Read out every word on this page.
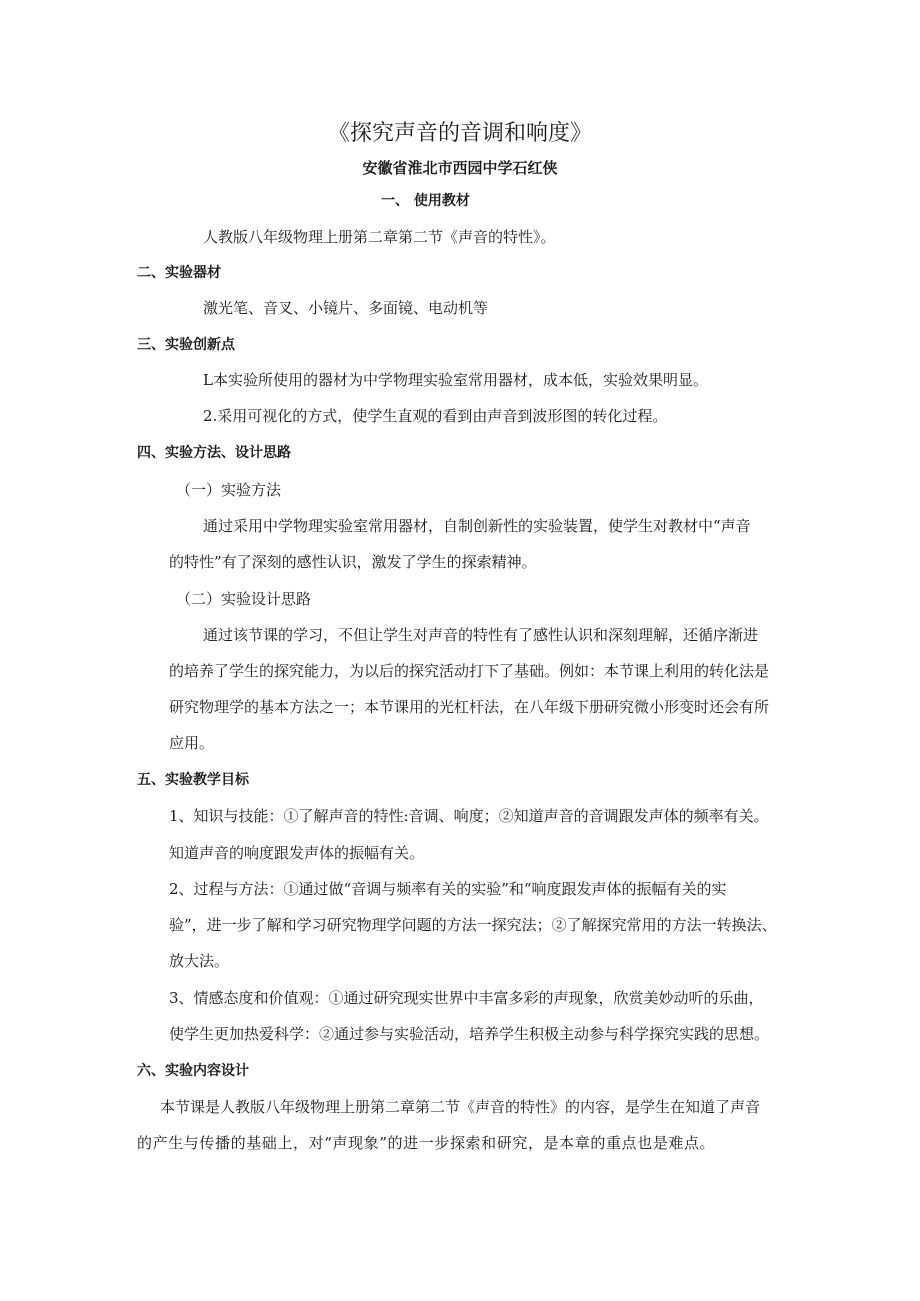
《探究声音的音调和响度》
安徽省淮北市西园中学石红侠
一、 使用教材
人教版八年级物理上册第二章第二节《声音的特性》。
二、实验器材
激光笔、音叉、小镜片、多面镜、电动机等
三、实验创新点
L本实验所使用的器材为中学物理实验室常用器材，成本低，实验效果明显。
2.采用可视化的方式，使学生直观的看到由声音到波形图的转化过程。
四、实验方法、设计思路
（一）实验方法
通过采用中学物理实验室常用器材，自制创新性的实验装置，使学生对教材中“声音
的特性”有了深刻的感性认识，激发了学生的探索精神。
（二）实验设计思路
通过该节课的学习，不但让学生对声音的特性有了感性认识和深刻理解，还循序渐进
的培养了学生的探究能力，为以后的探究活动打下了基础。例如：本节课上利用的转化法是
研究物理学的基本方法之一；本节课用的光杠杆法，在八年级下册研究微小形变时还会有所
应用。
五、实验教学目标
1、知识与技能：①了解声音的特性:音调、响度；②知道声音的音调跟发声体的频率有关。
知道声音的响度跟发声体的振幅有关。
2、过程与方法：①通过做“音调与频率有关的实验”和“响度跟发声体的振幅有关的实
验”，进一步了解和学习研究物理学问题的方法一探究法；②了解探究常用的方法一转换法、
放大法。
3、情感态度和价值观：①通过研究现实世界中丰富多彩的声现象，欣赏美妙动听的乐曲，
使学生更加热爱科学：②通过参与实验活动，培养学生积极主动参与科学探究实践的思想。
六、实验内容设计
本节课是人教版八年级物理上册第二章第二节《声音的特性》的内容，是学生在知道了声音
的产生与传播的基础上，对“声现象”的进一步探索和研究，是本章的重点也是难点。
